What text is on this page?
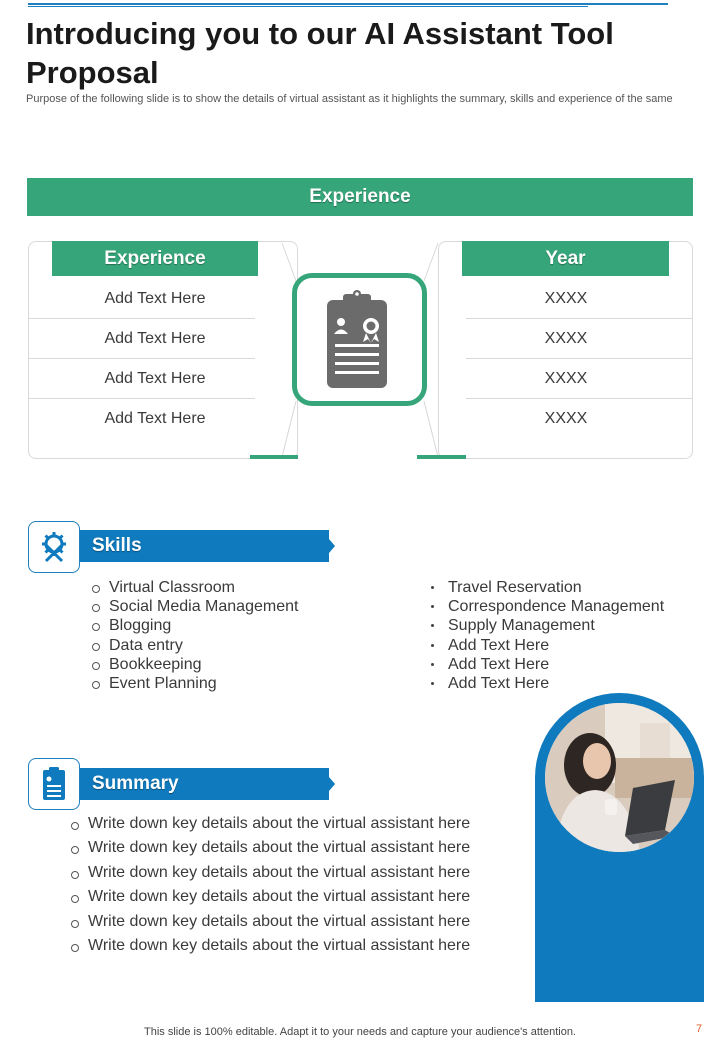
Introducing you to our AI Assistant Tool
Proposal

Purpose of the following slide is to show the details of virtual assistant as it highlights the summary, skills and experience of the same

Experience
Experience	Year
Add Text Here
Add Text Here
Add Text Here
Add Text Here
XXXX
XXXX
XXXX
XXXX
Skills
Virtual Classroom
Social Media Management
Blogging
Data entry
Bookkeeping
Event Planning
Travel Reservation
Correspondence Management
Supply Management
Add Text Here
Add Text Here
Add Text Here
Summary
Write down key details about the virtual assistant here
Write down key details about the virtual assistant here
Write down key details about the virtual assistant here
Write down key details about the virtual assistant here
Write down key details about the virtual assistant here
Write down key details about the virtual assistant here
This slide is 100% editable. Adapt it to your needs and capture your audience's attention.	7
